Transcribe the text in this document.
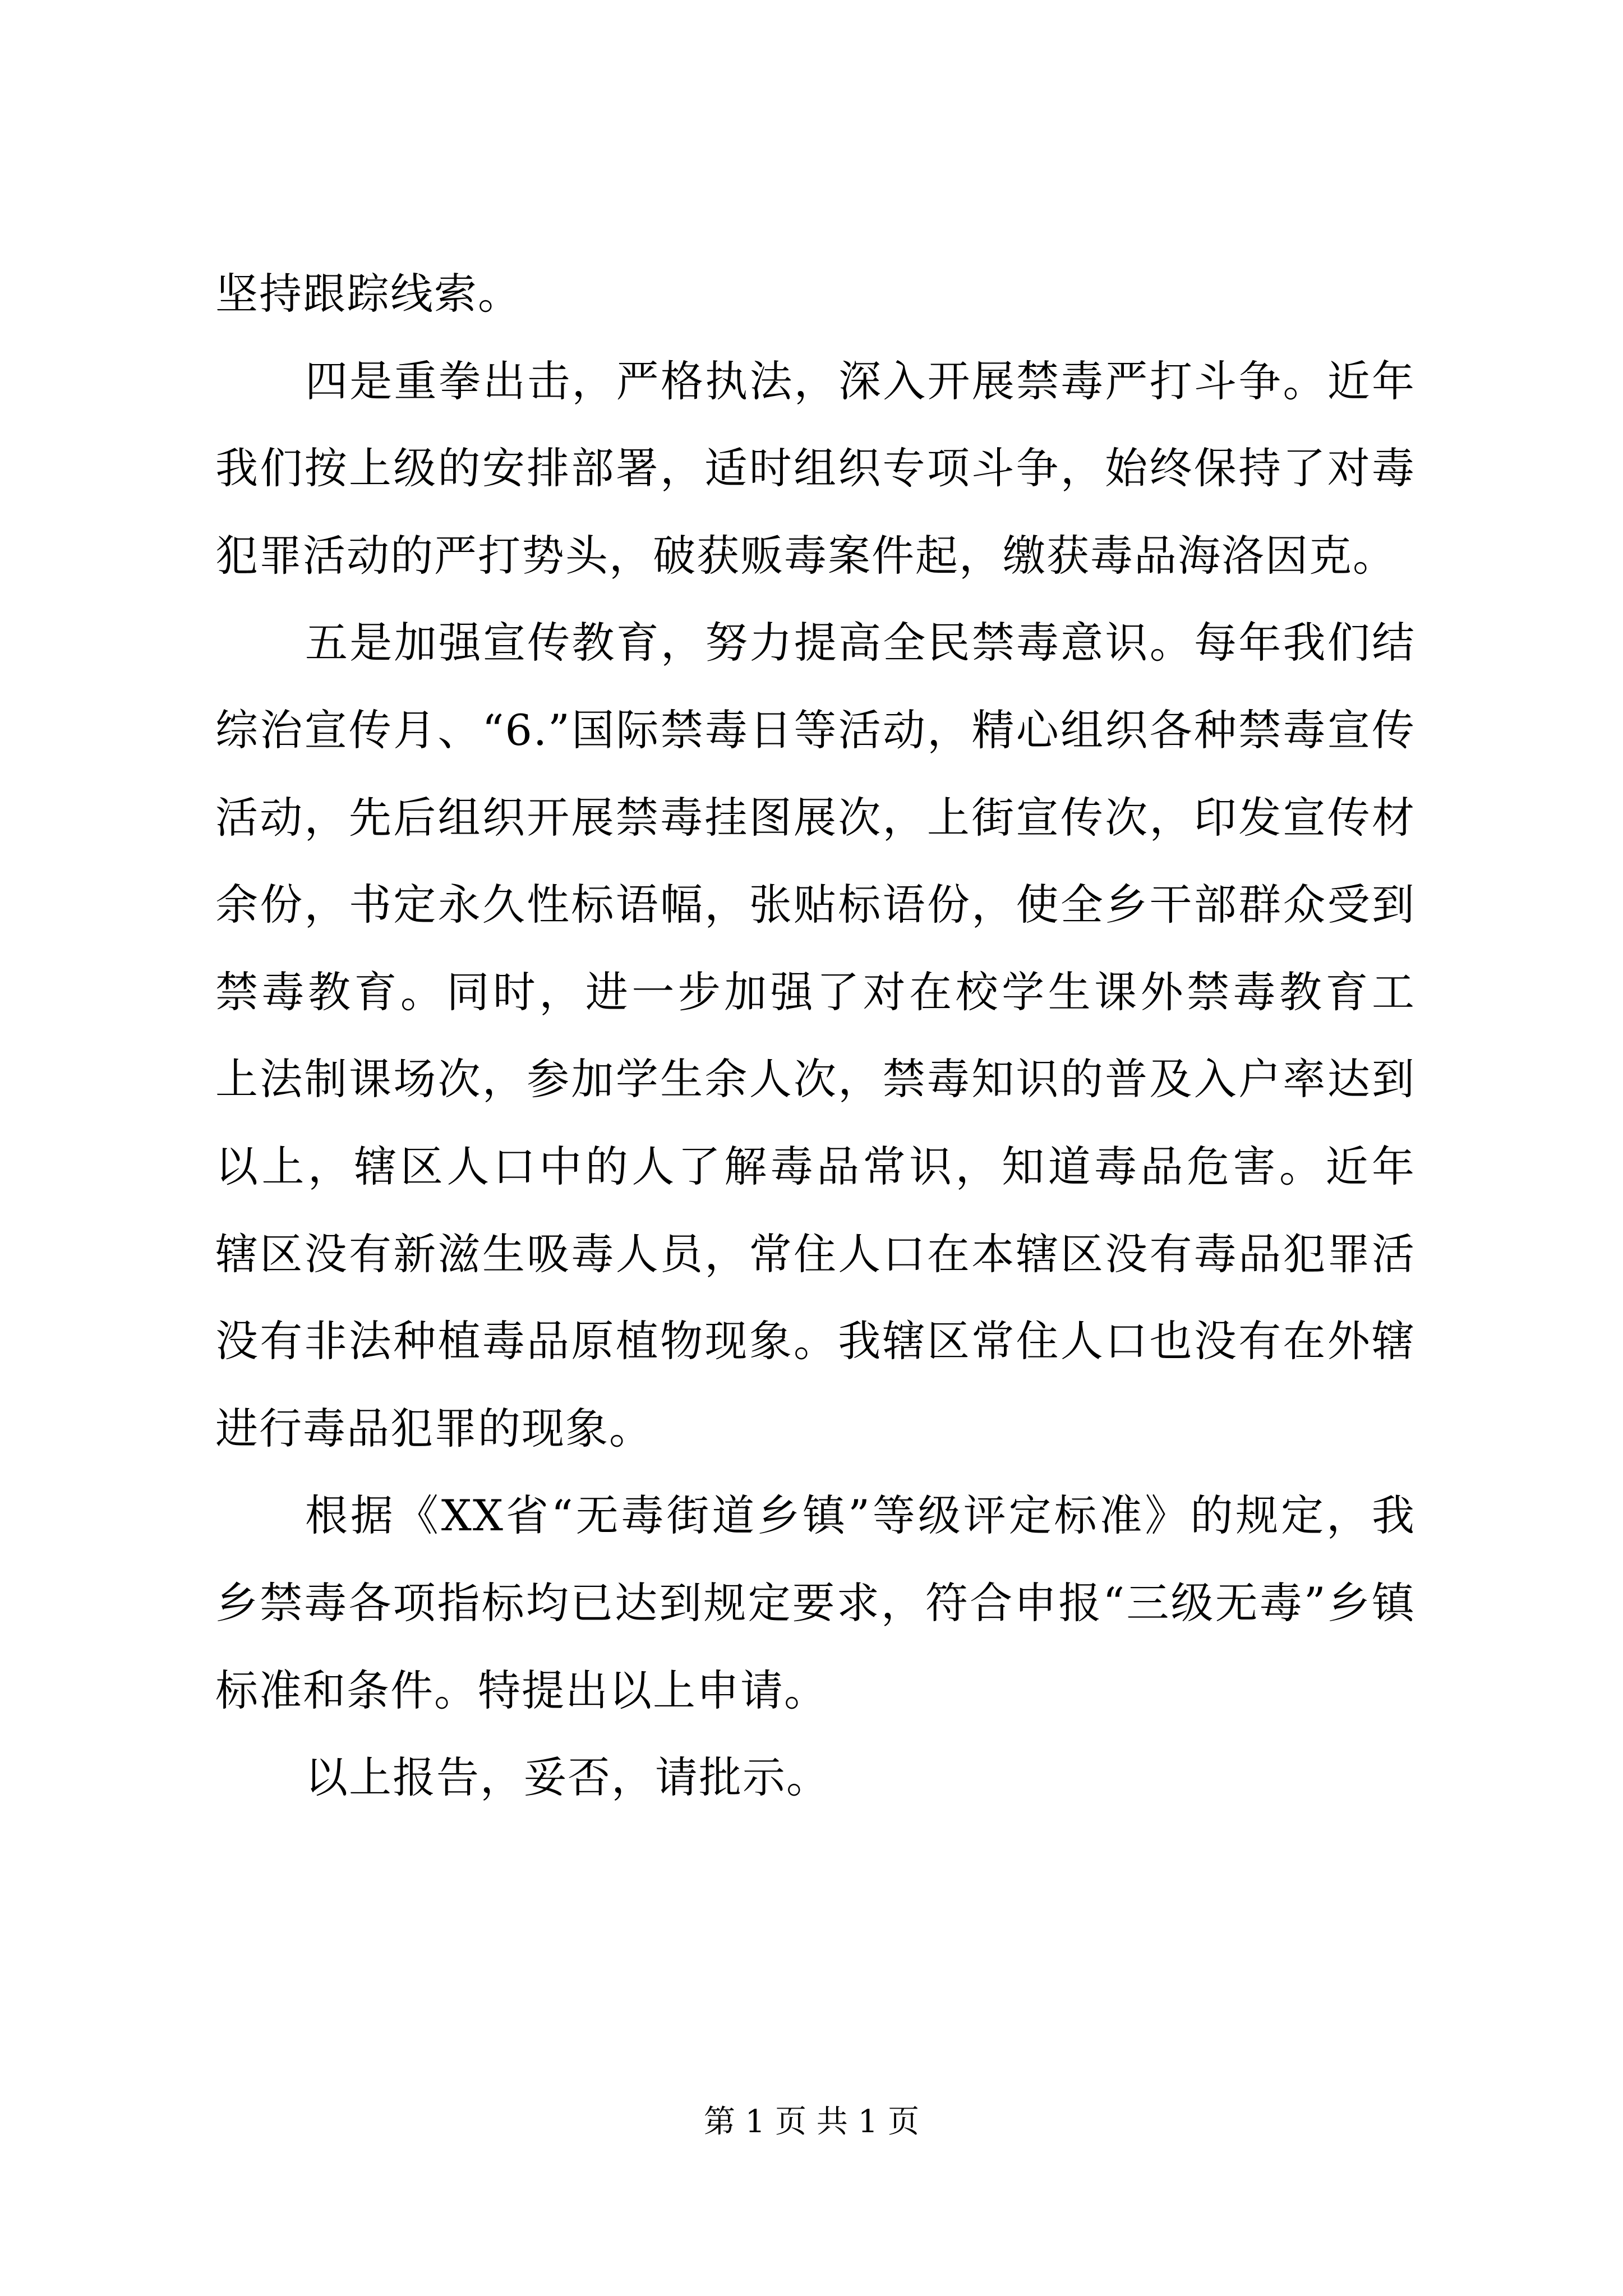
坚持跟踪线索。
四是重拳出击，严格执法，深入开展禁毒严打斗争。近年
我们按上级的安排部署，适时组织专项斗争，始终保持了对毒
犯罪活动的严打势头，破获贩毒案件起，缴获毒品海洛因克。
五是加强宣传教育，努力提高全民禁毒意识。每年我们结
综治宣传月、“6.”国际禁毒日等活动，精心组织各种禁毒宣传
活动，先后组织开展禁毒挂图展次，上街宣传次，印发宣传材
余份，书定永久性标语幅，张贴标语份，使全乡干部群众受到
禁毒教育。同时，进一步加强了对在校学生课外禁毒教育工
上法制课场次，参加学生余人次，禁毒知识的普及入户率达到
以上，辖区人口中的人了解毒品常识，知道毒品危害。近年
辖区没有新滋生吸毒人员，常住人口在本辖区没有毒品犯罪活
没有非法种植毒品原植物现象。我辖区常住人口也没有在外辖
进行毒品犯罪的现象。
根据《XX省“无毒街道乡镇”等级评定标准》的规定，我
乡禁毒各项指标均已达到规定要求，符合申报“三级无毒”乡镇
标准和条件。特提出以上申请。
以上报告，妥否，请批示。
第 1 页 共 1 页
